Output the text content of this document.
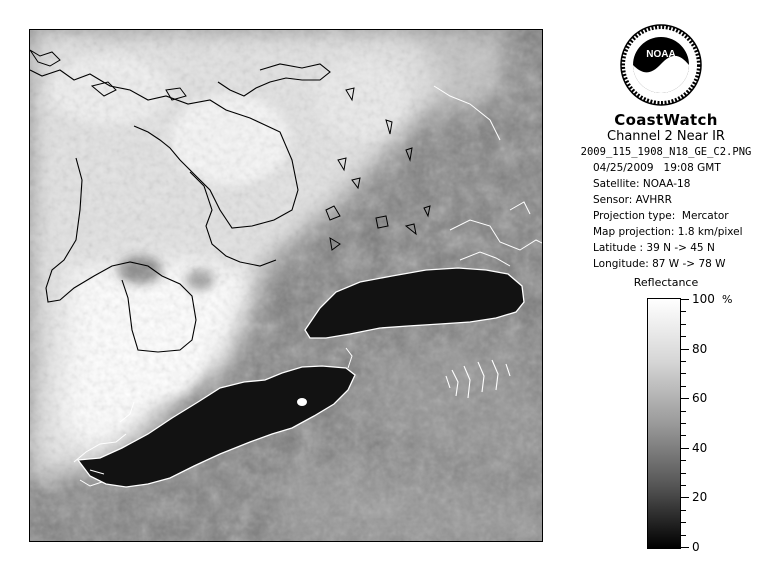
NOAA
CoastWatch
Channel 2 Near IR
2009_115_1908_N18_GE_C2.PNG
04/25/2009   19:08 GMT
Satellite: NOAA-18
Sensor: AVHRR
Projection type:  Mercator
Map projection: 1.8 km/pixel
Latitude : 39 N -> 45 N
Longitude: 87 W -> 78 W
Reflectance
100
80
60
40
20
0
%
